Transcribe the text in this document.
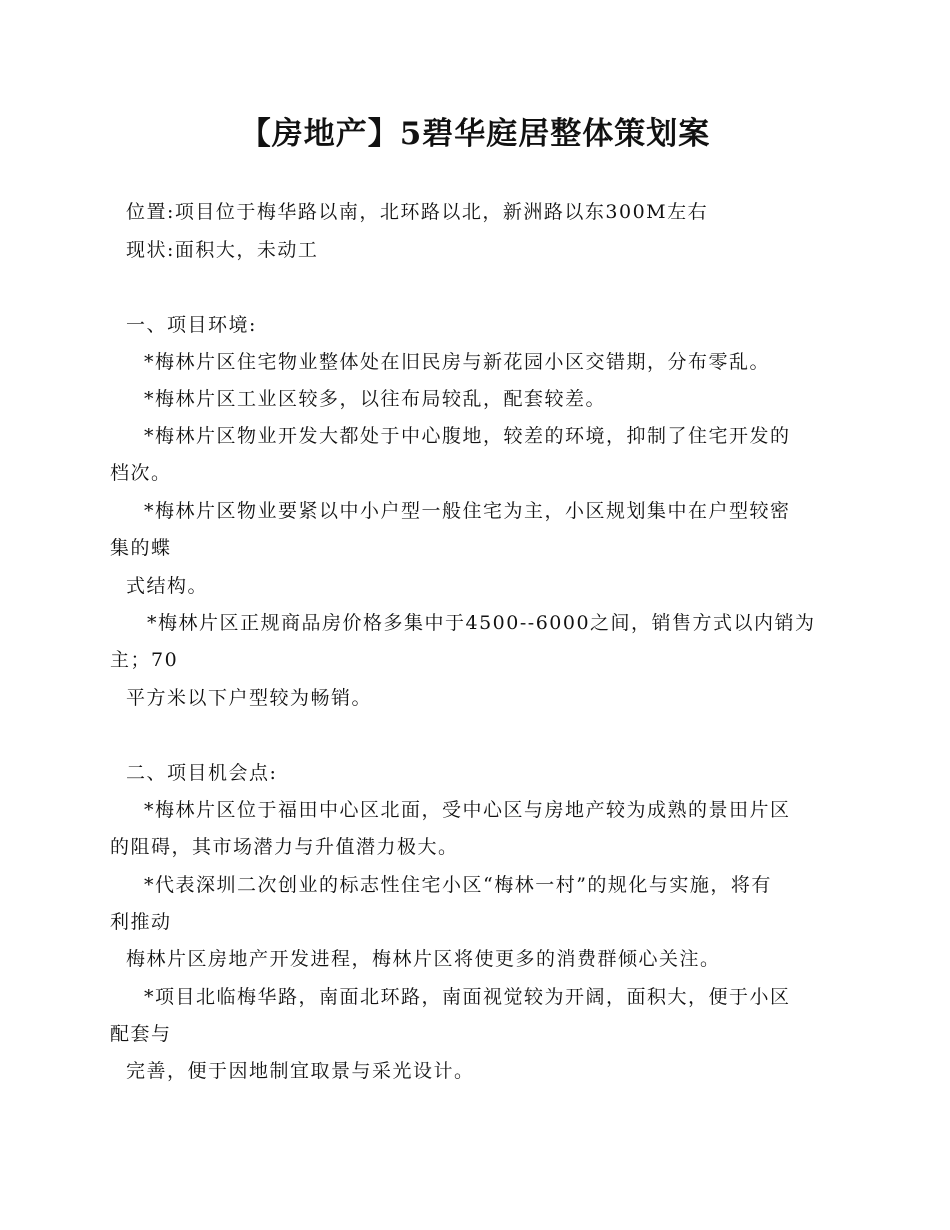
【房地产】5碧华庭居整体策划案
位置:项目位于梅华路以南，北环路以北，新洲路以东300M左右
现状:面积大，未动工
一、项目环境:
*梅林片区住宅物业整体处在旧民房与新花园小区交错期，分布零乱。
*梅林片区工业区较多，以往布局较乱，配套较差。
*梅林片区物业开发大都处于中心腹地，较差的环境，抑制了住宅开发的
档次。
*梅林片区物业要紧以中小户型一般住宅为主，小区规划集中在户型较密
集的蝶
式结构。
*梅林片区正规商品房价格多集中于4500--6000之间，销售方式以内销为
主；70
平方米以下户型较为畅销。
二、项目机会点:
*梅林片区位于福田中心区北面，受中心区与房地产较为成熟的景田片区
的阻碍，其市场潜力与升值潜力极大。
*代表深圳二次创业的标志性住宅小区“梅林一村”的规化与实施，将有
利推动
梅林片区房地产开发进程，梅林片区将使更多的消费群倾心关注。
*项目北临梅华路，南面北环路，南面视觉较为开阔，面积大，便于小区
配套与
完善，便于因地制宜取景与采光设计。
